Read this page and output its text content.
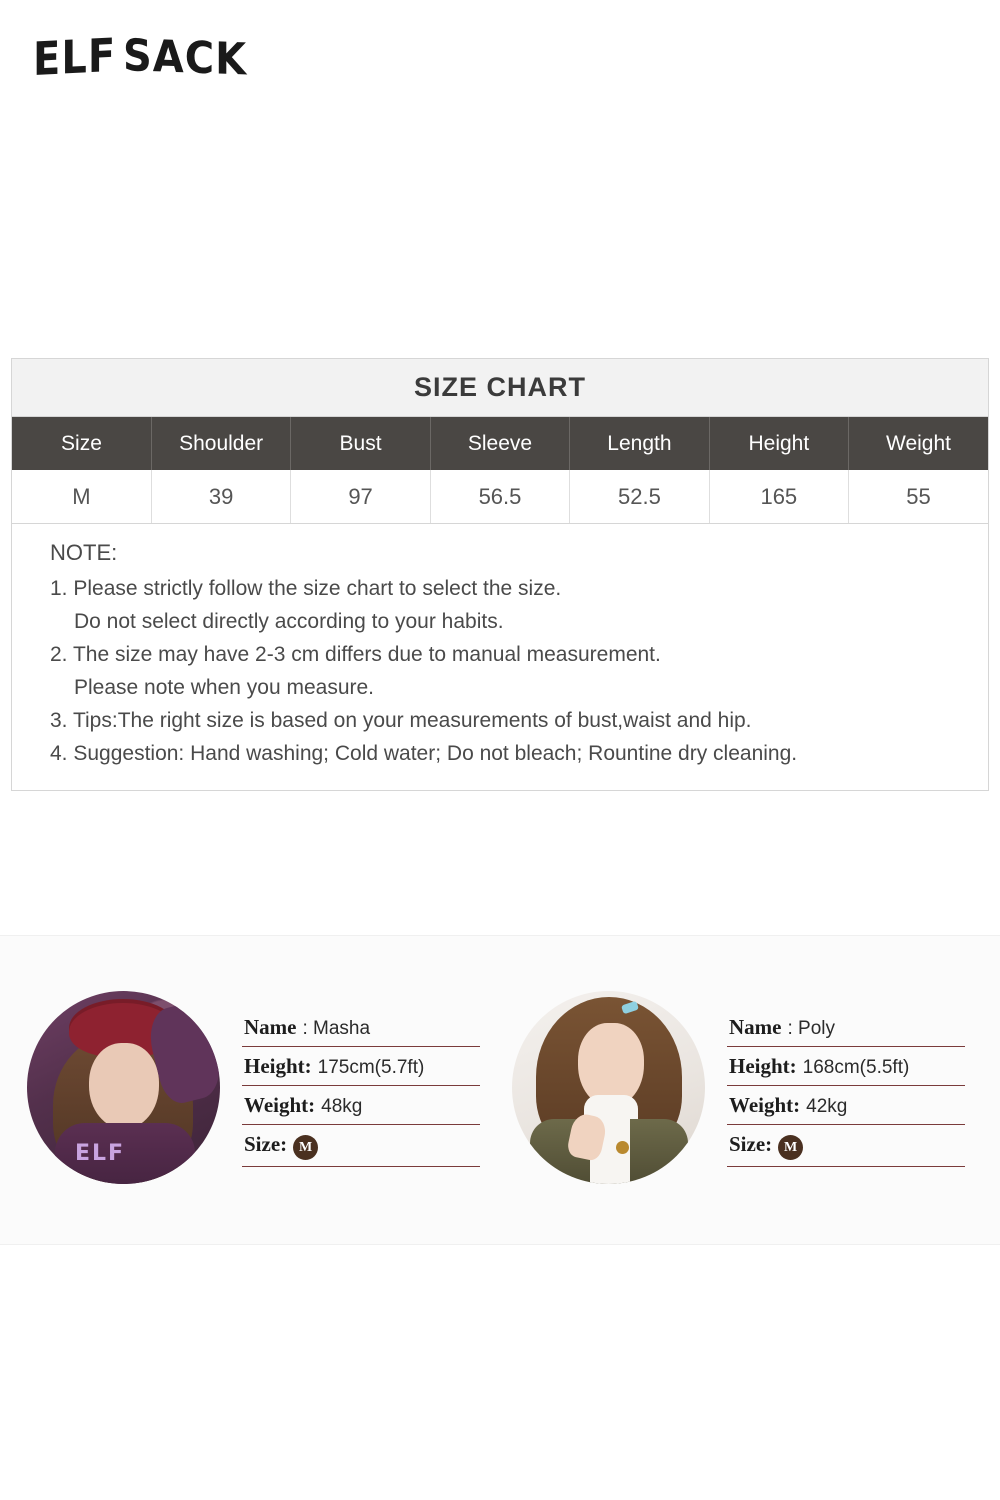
ELF SACK
SIZE CHART
Size	Shoulder	Bust	Sleeve	Length	Height	Weight
M	39	97	56.5	52.5	165	55
NOTE:
1. Please strictly follow the size chart to select the size.
Do not select directly according to your habits.
2. The size may have 2-3 cm differs due to manual measurement.
Please note when you measure.
3. Tips:The right size is based on your measurements of bust,waist and hip.
4. Suggestion: Hand washing; Cold water; Do not bleach; Rountine dry cleaning.
ELF
Name : Masha
Height: 175cm(5.7ft)
Weight: 48kg
Size: M
Name : Poly
Height: 168cm(5.5ft)
Weight: 42kg
Size: M
